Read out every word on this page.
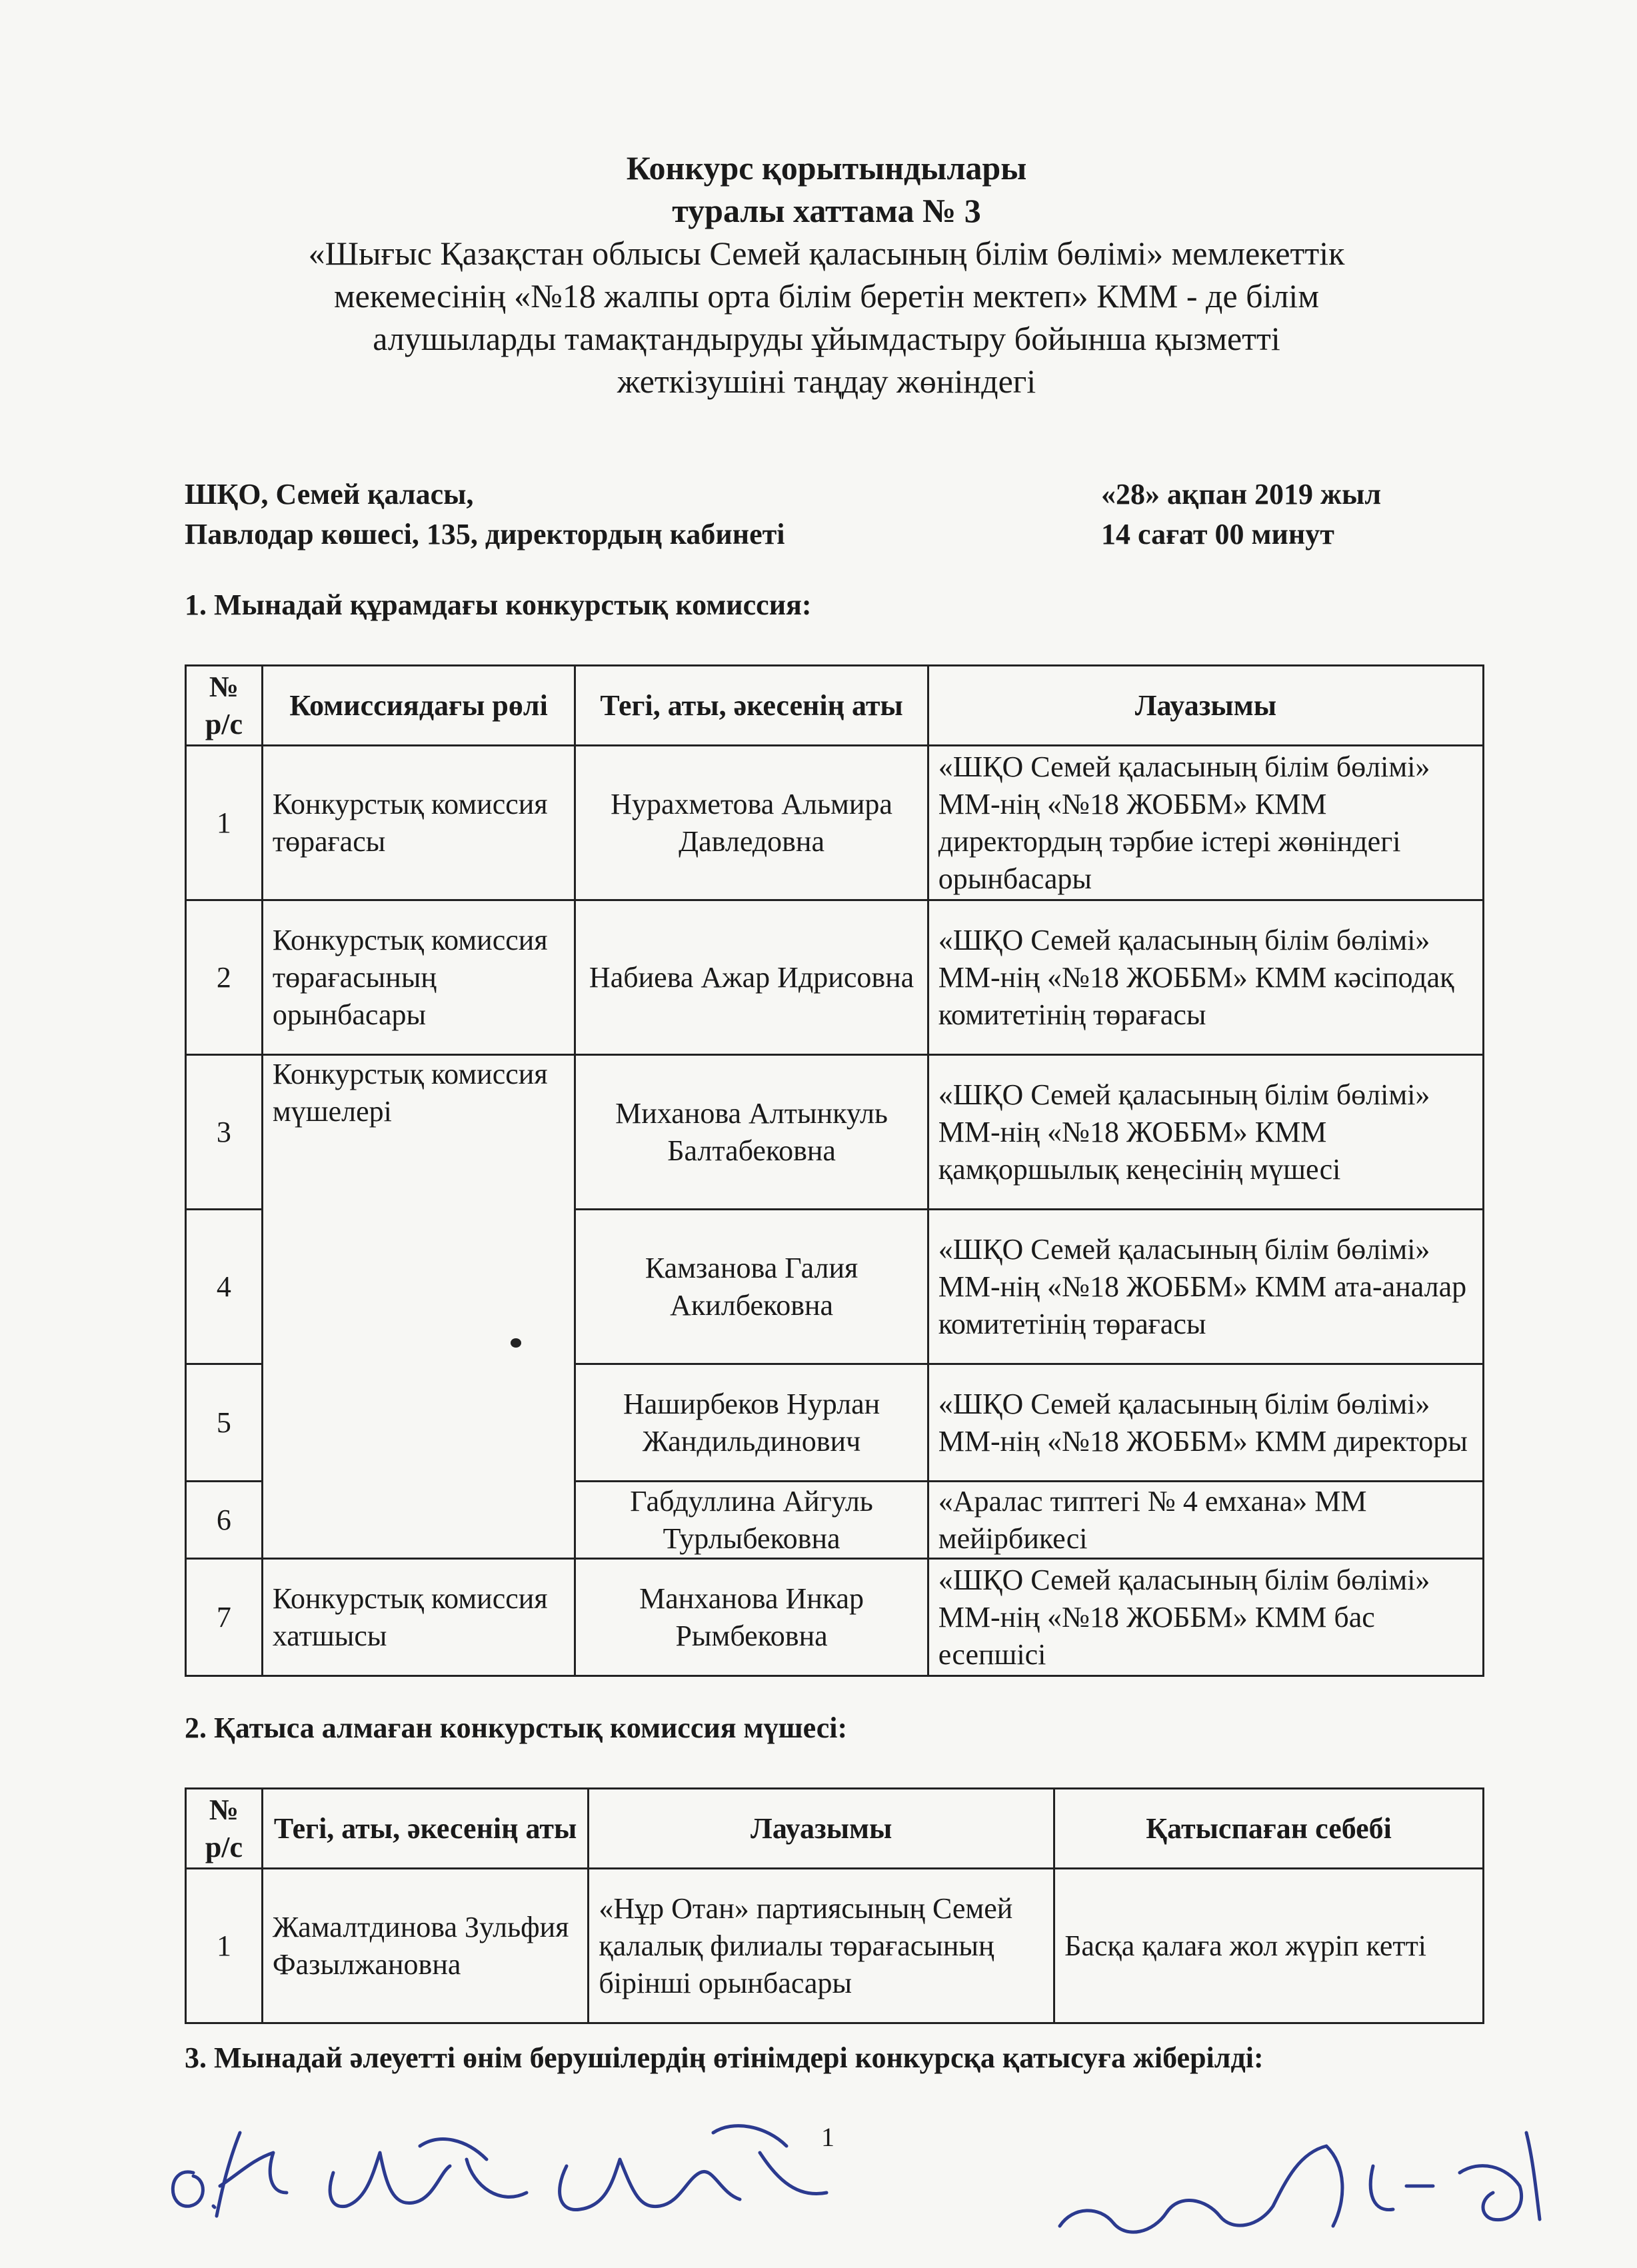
Конкурс қорытындылары
туралы хаттама № 3
«Шығыс Қазақстан облысы Семей қаласының білім бөлімі» мемлекеттік
мекемесінің «№18 жалпы орта білім беретін мектеп» КММ - де білім
алушыларды тамақтандыруды ұйымдастыру бойынша қызметті
жеткізушіні таңдау жөніндегі
ШҚО, Семей қаласы,
Павлодар көшесі, 135, директордың кабинеті
«28» ақпан 2019 жыл
14 сағат 00 минут
1. Мынадай құрамдағы конкурстық комиссия:
№ р/с	Комиссиядағы рөлі	Тегі, аты, әкесенің аты	Лауазымы
1	Конкурстық комиссия төрағасы	Нурахметова Альмира Давледовна	«ШҚО Семей қаласының білім бөлімі» ММ-нің «№18 ЖОББМ» КММ директордың тәрбие істері жөніндегі орынбасары
2	Конкурстық комиссия төрағасының орынбасары	Набиева Ажар Идрисовна	«ШҚО Семей қаласының білім бөлімі» ММ-нің «№18 ЖОББМ» КММ кәсіподақ комитетінің төрағасы
3	Конкурстық комиссия мүшелері	Миханова Алтынкуль Балтабековна	«ШҚО Семей қаласының білім бөлімі» ММ-нің «№18 ЖОББМ» КММ қамқоршылық кеңесінің мүшесі
4		Камзанова Галия Акилбековна	«ШҚО Семей қаласының білім бөлімі» ММ-нің «№18 ЖОББМ» КММ ата-аналар комитетінің төрағасы
5		Наширбеков Нурлан Жандильдинович	«ШҚО Семей қаласының білім бөлімі» ММ-нің «№18 ЖОББМ» КММ директоры
6		Габдуллина Айгуль Турлыбековна	«Аралас типтегі № 4 емхана» ММ мейірбикесі
7	Конкурстық комиссия хатшысы	Манханова Инкар Рымбековна	«ШҚО Семей қаласының білім бөлімі» ММ-нің «№18 ЖОББМ» КММ бас есепшісі
2. Қатыса алмаған конкурстық комиссия мүшесі:
№ р/с	Тегі, аты, әкесенің аты	Лауазымы	Қатыспаған себебі
1	Жамалтдинова Зульфия Фазылжановна	«Нұр Отан» партиясының Семей қалалық филиалы төрағасының бірінші орынбасары	Басқа қалаға жол жүріп кетті
3. Мынадай әлеуетті өнім берушілердің өтінімдері конкурсқа қатысуға жіберілді:
1
